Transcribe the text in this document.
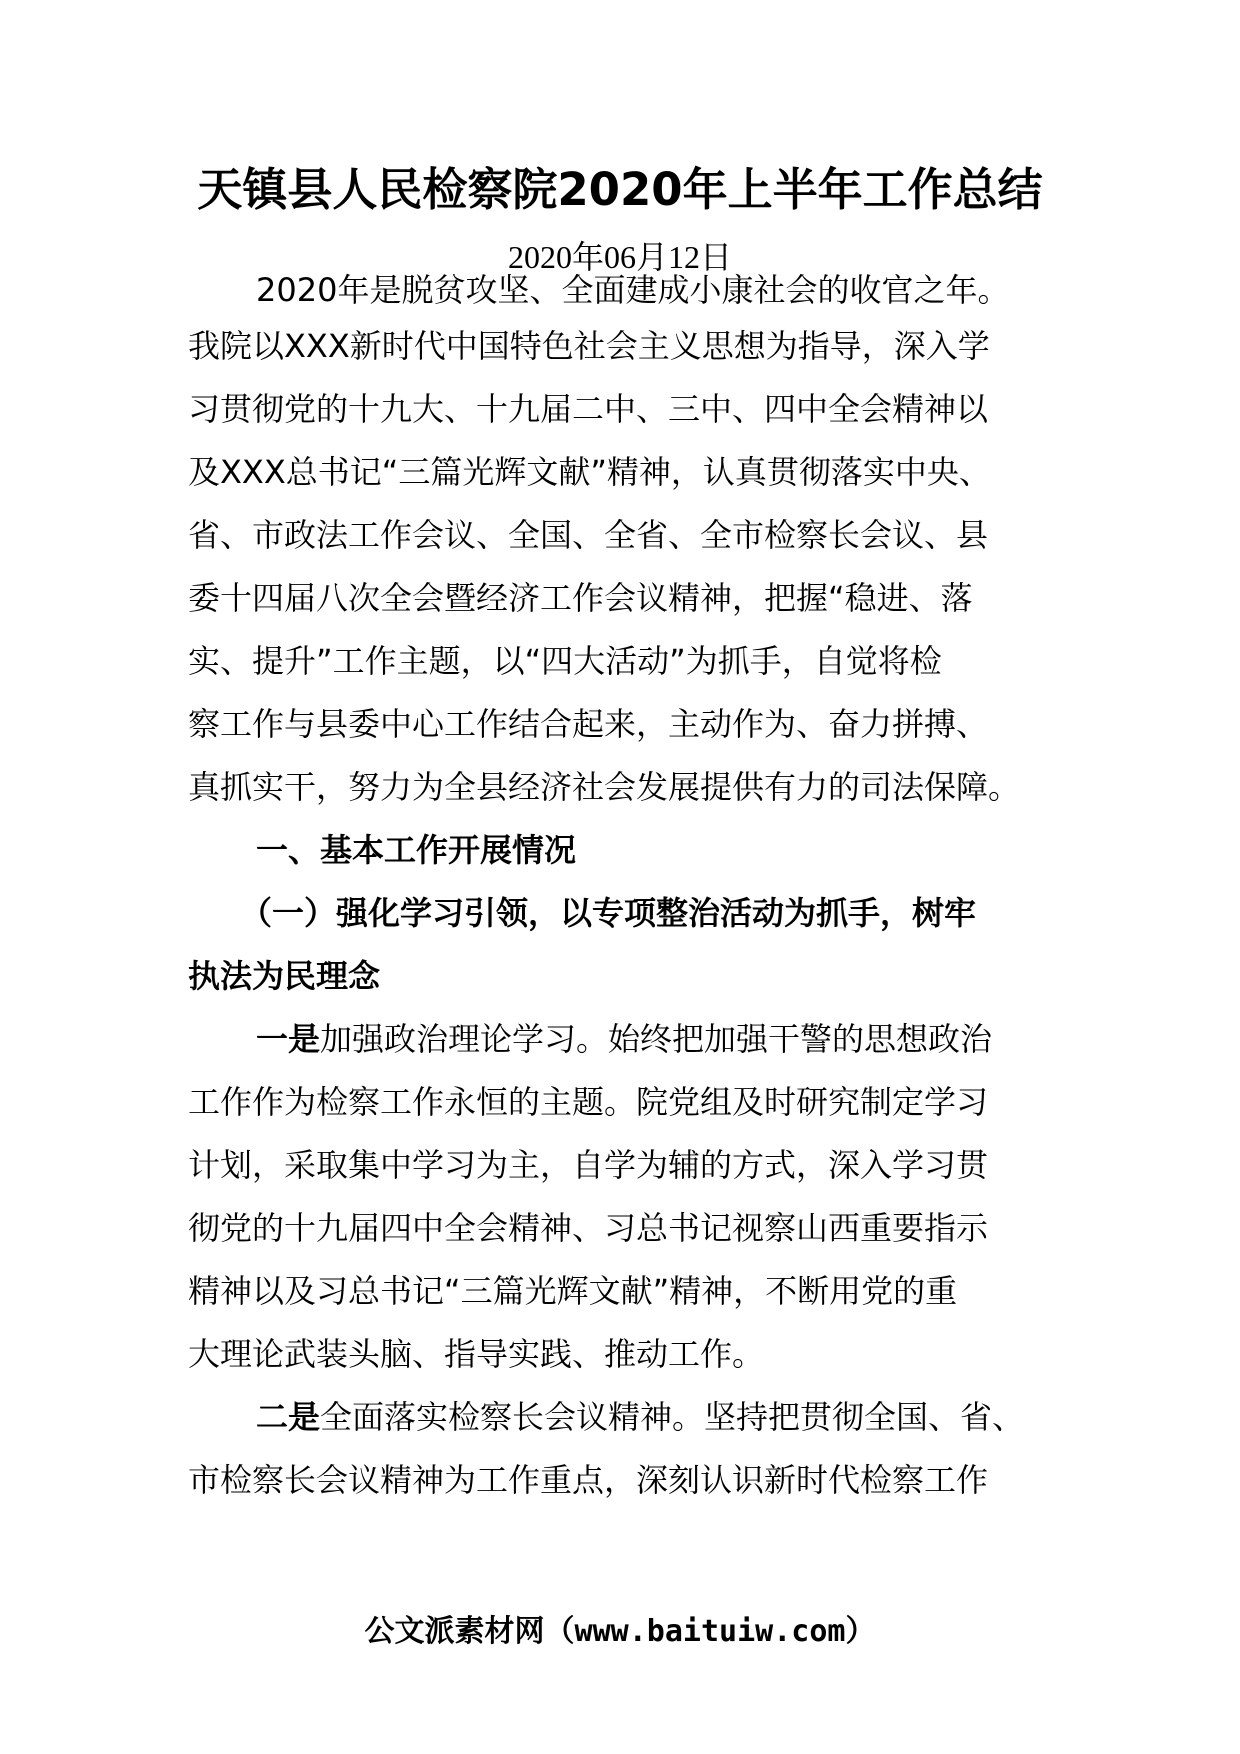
天镇县人民检察院2020年上半年工作总结
2020年06月12日
2020年是脱贫攻坚、全面建成小康社会的收官之年。
我院以XXX新时代中国特色社会主义思想为指导，深入学
习贯彻党的十九大、十九届二中、三中、四中全会精神以
及XXX总书记“三篇光辉文献”精神，认真贯彻落实中央、
省、市政法工作会议、全国、全省、全市检察长会议、县
委十四届八次全会暨经济工作会议精神，把握“稳进、落
实、提升”工作主题，以“四大活动”为抓手，自觉将检
察工作与县委中心工作结合起来，主动作为、奋力拼搏、
真抓实干，努力为全县经济社会发展提供有力的司法保障。
一、基本工作开展情况
（一）强化学习引领，以专项整治活动为抓手，树牢
执法为民理念
一是加强政治理论学习。始终把加强干警的思想政治
工作作为检察工作永恒的主题。院党组及时研究制定学习
计划，采取集中学习为主，自学为辅的方式，深入学习贯
彻党的十九届四中全会精神、习总书记视察山西重要指示
精神以及习总书记“三篇光辉文献”精神，不断用党的重
大理论武装头脑、指导实践、推动工作。
二是全面落实检察长会议精神。坚持把贯彻全国、省、
市检察长会议精神为工作重点，深刻认识新时代检察工作
公文派素材网（www.baituiw.com）
